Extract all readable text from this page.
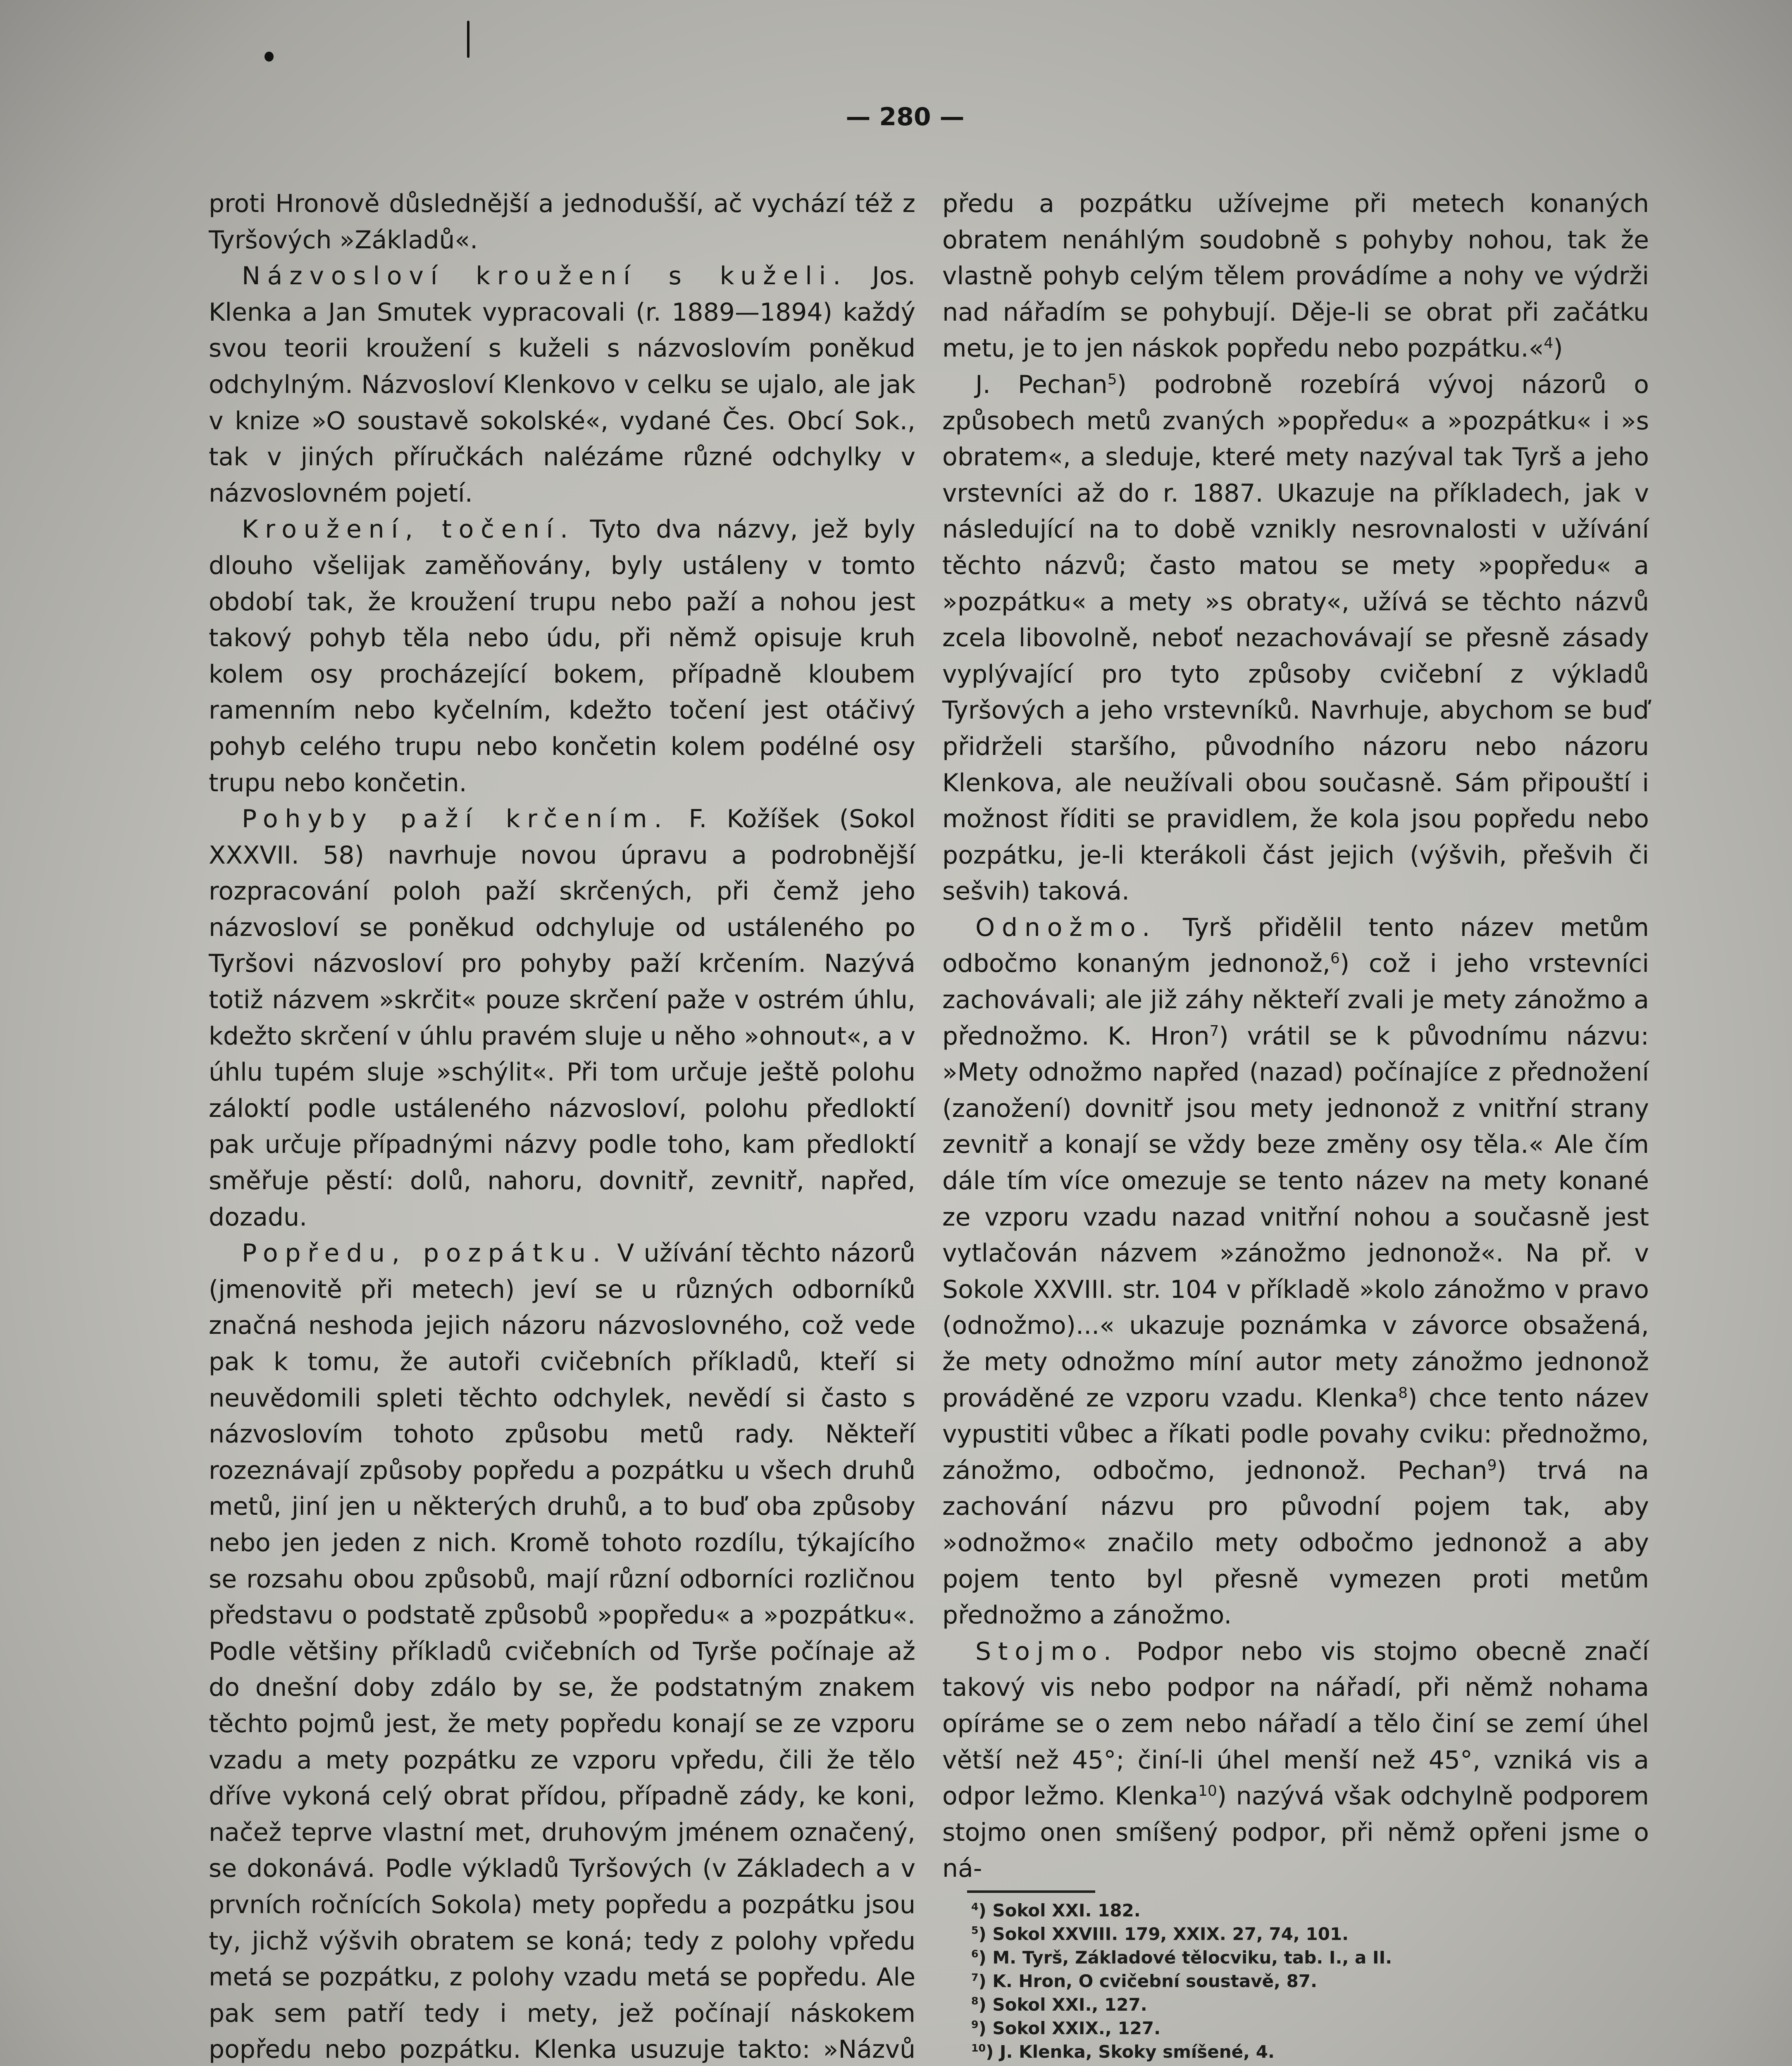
— 280 —

proti Hronově důslednější a jednodušší, ač vychází též z Tyršových »Základů«.

Názvosloví kroužení s kuželi. Jos. Klenka a Jan Smutek vypracovali (r. 1889—1894) každý svou teorii kroužení s kuželi s názvoslovím poněkud odchylným. Názvosloví Klenkovo v celku se ujalo, ale jak v knize »O soustavě sokolské«, vydané Čes. Obcí Sok., tak v jiných příručkách nalézáme různé odchylky v názvoslovném pojetí.

Kroužení, točení. Tyto dva názvy, jež byly dlouho všelijak zaměňovány, byly ustáleny v tomto období tak, že kroužení trupu nebo paží a nohou jest takový pohyb těla nebo údu, při němž opisuje kruh kolem osy procházející bokem, případně kloubem ramenním nebo kyčelním, kdežto točení jest otáčivý pohyb celého trupu nebo končetin kolem podélné osy trupu nebo končetin.

Pohyby paží krčením. F. Kožíšek (Sokol XXXVII. 58) navrhuje novou úpravu a podrobnější rozpracování poloh paží skrčených, při čemž jeho názvosloví se poněkud odchyluje od ustáleného po Tyršovi názvosloví pro pohyby paží krčením. Nazývá totiž názvem »skrčit« pouze skrčení paže v ostrém úhlu, kdežto skrčení v úhlu pravém sluje u něho »ohnout«, a v úhlu tupém sluje »schýlit«. Při tom určuje ještě polohu záloktí podle ustáleného názvosloví, polohu předloktí pak určuje případnými názvy podle toho, kam předloktí směřuje pěstí: dolů, nahoru, dovnitř, zevnitř, napřed, dozadu.

Popředu, pozpátku. V užívání těchto názorů (jmenovitě při metech) jeví se u různých odborníků značná neshoda jejich názoru názvoslovného, což vede pak k tomu, že autoři cvičebních příkladů, kteří si neuvědomili spleti těchto odchylek, nevědí si často s názvoslovím tohoto způsobu metů rady. Někteří rozeznávají způsoby popředu a pozpátku u všech druhů metů, jiní jen u některých druhů, a to buď oba způsoby nebo jen jeden z nich. Kromě tohoto rozdílu, týkajícího se rozsahu obou způsobů, mají různí odborníci rozličnou představu o podstatě způsobů »popředu« a »pozpátku«. Podle většiny příkladů cvičebních od Tyrše počínaje až do dnešní doby zdálo by se, že podstatným znakem těchto pojmů jest, že mety popředu konají se ze vzporu vzadu a mety pozpátku ze vzporu vpředu, čili že tělo dříve vykoná celý obrat přídou, případně zády, ke koni, načež teprve vlastní met, druhovým jménem označený, se dokonává. Podle výkladů Tyršových (v Základech a v prvních ročnících Sokola) mety popředu a pozpátku jsou ty, jichž výšvih obratem se koná; tedy z polohy vpředu metá se pozpátku, z polohy vzadu metá se popředu. Ale pak sem patří tedy i mety, jež počínají náskokem popředu nebo pozpátku. Klenka usuzuje takto: »Názvů

předu a pozpátku užívejme při metech konaných obratem nenáhlým soudobně s pohyby nohou, tak že vlastně pohyb celým tělem provádíme a nohy ve výdrži nad nářadím se pohybují. Děje-li se obrat při začátku metu, je to jen náskok popředu nebo pozpátku.«$^4$)

J. Pechan$^5$) podrobně rozebírá vývoj názorů o způsobech metů zvaných »popředu« a »pozpátku« i »s obratem«, a sleduje, které mety nazýval tak Tyrš a jeho vrstevníci až do r. 1887. Ukazuje na příkladech, jak v následující na to době vznikly nesrovnalosti v užívání těchto názvů; často matou se mety »popředu« a »pozpátku« a mety »s obraty«, užívá se těchto názvů zcela libovolně, neboť nezachovávají se přesně zásady vyplývající pro tyto způsoby cvičební z výkladů Tyršových a jeho vrstevníků. Navrhuje, abychom se buď přidrželi staršího, původního názoru nebo názoru Klenkova, ale neužívali obou současně. Sám připouští i možnost říditi se pravidlem, že kola jsou popředu nebo pozpátku, je-li kterákoli část jejich (výšvih, přešvih či sešvih) taková.

Odnožmo. Tyrš přidělil tento název metům odbočmo konaným jednonož,$^6$) což i jeho vrstevníci zachovávali; ale již záhy někteří zvali je mety zánožmo a přednožmo. K. Hron$^7$) vrátil se k původnímu názvu: »Mety odnožmo napřed (nazad) počínajíce z přednožení (zanožení) dovnitř jsou mety jednonož z vnitřní strany zevnitř a konají se vždy beze změny osy těla.« Ale čím dále tím více omezuje se tento název na mety konané ze vzporu vzadu nazad vnitřní nohou a současně jest vytlačován názvem »zánožmo jednonož«. Na př. v Sokole XXVIII. str. 104 v příkladě »kolo zánožmo v pravo (odnožmo)...« ukazuje poznámka v závorce obsažená, že mety odnožmo míní autor mety zánožmo jednonož prováděné ze vzporu vzadu. Klenka$^8$) chce tento název vypustiti vůbec a říkati podle povahy cviku: přednožmo, zánožmo, odbočmo, jednonož. Pechan$^9$) trvá na zachování názvu pro původní pojem tak, aby »odnožmo« značilo mety odbočmo jednonož a aby pojem tento byl přesně vymezen proti metům přednožmo a zánožmo.

Stojmo. Podpor nebo vis stojmo obecně značí takový vis nebo podpor na nářadí, při němž nohama opíráme se o zem nebo nářadí a tělo činí se zemí úhel větší než 45°; činí-li úhel menší než 45°, vzniká vis a odpor ležmo. Klenka$^{10}$) nazývá však odchylně podporem stojmo onen smíšený podpor, při němž opřeni jsme o ná-

$^4$) Sokol XXI. 182.

$^5$) Sokol XXVIII. 179, XXIX. 27, 74, 101.

$^6$) M. Tyrš, Základové tělocviku, tab. I., a II.

$^7$) K. Hron, O cvičební soustavě, 87.

$^8$) Sokol XXI., 127.

$^9$) Sokol XXIX., 127.

$^{10}$) J. Klenka, Skoky smíšené, 4.
